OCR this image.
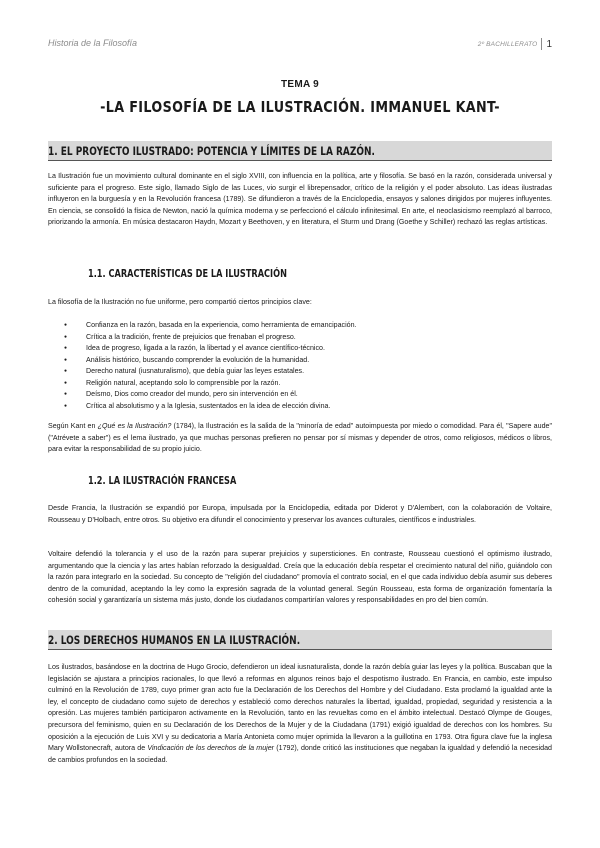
Historia de la Filosofía	2º BACHILLERATO 1
TEMA 9
-LA FILOSOFÍA DE LA ILUSTRACIÓN. IMMANUEL KANT-
1. EL PROYECTO ILUSTRADO: POTENCIA Y LÍMITES DE LA RAZÓN.

La Ilustración fue un movimiento cultural dominante en el siglo XVIII, con influencia en la política, arte y filosofía. Se basó en la razón, considerada universal y suficiente para el progreso. Este siglo, llamado Siglo de las Luces, vio surgir el librepensador, crítico de la religión y el poder absoluto. Las ideas ilustradas influyeron en la burguesía y en la Revolución francesa (1789). Se difundieron a través de la Enciclopedia, ensayos y salones dirigidos por mujeres influyentes. En ciencia, se consolidó la física de Newton, nació la química moderna y se perfeccionó el cálculo infinitesimal. En arte, el neoclasicismo reemplazó al barroco, priorizando la armonía. En música destacaron Haydn, Mozart y Beethoven, y en literatura, el Sturm und Drang (Goethe y Schiller) rechazó las reglas artísticas.

1.1. CARACTERÍSTICAS DE LA ILUSTRACIÓN

La filosofía de la Ilustración no fue uniforme, pero compartió ciertos principios clave:

● Confianza en la razón, basada en la experiencia, como herramienta de emancipación.
● Crítica a la tradición, frente de prejuicios que frenaban el progreso.
● Idea de progreso, ligada a la razón, la libertad y el avance científico-técnico.
● Análisis histórico, buscando comprender la evolución de la humanidad.
● Derecho natural (iusnaturalismo), que debía guiar las leyes estatales.
● Religión natural, aceptando solo lo comprensible por la razón.
● Deísmo, Dios como creador del mundo, pero sin intervención en él.
● Crítica al absolutismo y a la Iglesia, sustentados en la idea de elección divina.

Según Kant en ¿Qué es la Ilustración? (1784), la Ilustración es la salida de la "minoría de edad" autoimpuesta por miedo o comodidad. Para él, "Sapere aude" ("Atrévete a saber") es el lema ilustrado, ya que muchas personas prefieren no pensar por sí mismas y depender de otros, como religiosos, médicos o libros, para evitar la responsabilidad de su propio juicio.

1.2. LA ILUSTRACIÓN FRANCESA

Desde Francia, la Ilustración se expandió por Europa, impulsada por la Enciclopedia, editada por Diderot y D'Alembert, con la colaboración de Voltaire, Rousseau y D'Holbach, entre otros. Su objetivo era difundir el conocimiento y preservar los avances culturales, científicos e industriales.

Voltaire defendió la tolerancia y el uso de la razón para superar prejuicios y supersticiones. En contraste, Rousseau cuestionó el optimismo ilustrado, argumentando que la ciencia y las artes habían reforzado la desigualdad. Creía que la educación debía respetar el crecimiento natural del niño, guiándolo con la razón para integrarlo en la sociedad. Su concepto de "religión del ciudadano" promovía el contrato social, en el que cada individuo debía asumir sus deberes dentro de la comunidad, aceptando la ley como la expresión sagrada de la voluntad general. Según Rousseau, esta forma de organización fomentaría la cohesión social y garantizaría un sistema más justo, donde los ciudadanos compartirían valores y responsabilidades en pro del bien común.

2. LOS DERECHOS HUMANOS EN LA ILUSTRACIÓN.

Los ilustrados, basándose en la doctrina de Hugo Grocio, defendieron un ideal iusnaturalista, donde la razón debía guiar las leyes y la política. Buscaban que la legislación se ajustara a principios racionales, lo que llevó a reformas en algunos reinos bajo el despotismo ilustrado. En Francia, en cambio, este impulso culminó en la Revolución de 1789, cuyo primer gran acto fue la Declaración de los Derechos del Hombre y del Ciudadano. Esta proclamó la igualdad ante la ley, el concepto de ciudadano como sujeto de derechos y estableció como derechos naturales la libertad, igualdad, propiedad, seguridad y resistencia a la opresión. Las mujeres también participaron activamente en la Revolución, tanto en las revueltas como en el ámbito intelectual. Destacó Olympe de Gouges, precursora del feminismo, quien en su Declaración de los Derechos de la Mujer y de la Ciudadana (1791) exigió igualdad de derechos con los hombres. Su oposición a la ejecución de Luis XVI y su dedicatoria a María Antonieta como mujer oprimida la llevaron a la guillotina en 1793. Otra figura clave fue la inglesa Mary Wollstonecraft, autora de Vindicación de los derechos de la mujer (1792), donde criticó las instituciones que negaban la igualdad y defendió la necesidad de cambios profundos en la sociedad.
